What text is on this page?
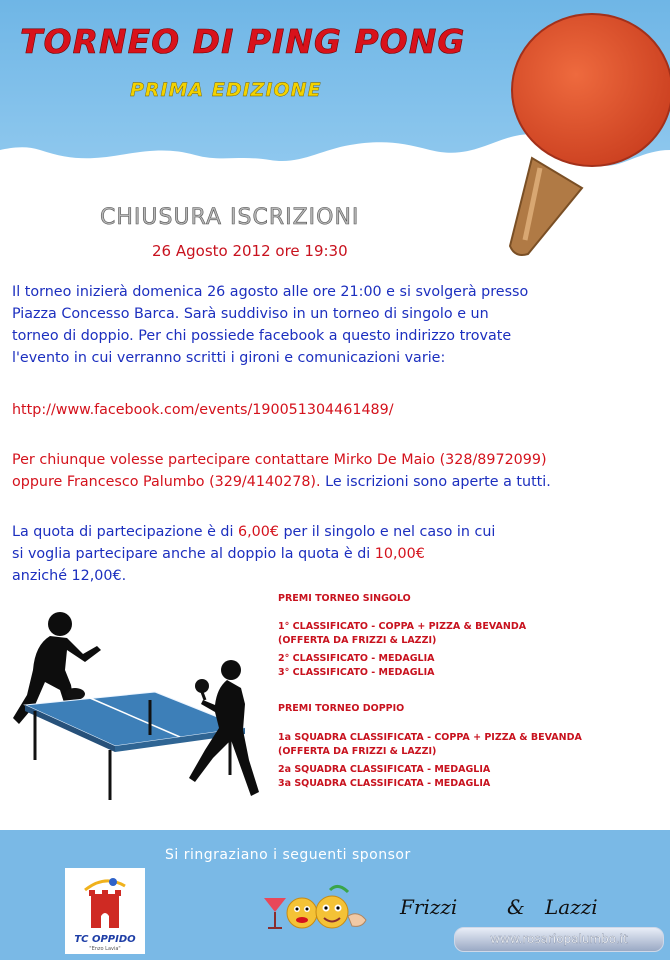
TORNEO DI PING PONG
PRIMA EDIZIONE
CHIUSURA ISCRIZIONI
26 Agosto 2012 ore 19:30
Il torneo inizierà domenica 26 agosto alle ore 21:00 e si svolgerà presso
Piazza Concesso Barca. Sarà suddiviso in un torneo di singolo e un
torneo di doppio. Per chi possiede facebook a questo indirizzo trovate
l'evento in cui verranno scritti i gironi e comunicazioni varie:
http://www.facebook.com/events/190051304461489/
Per chiunque volesse partecipare contattare Mirko De Maio (328/8972099)
oppure Francesco Palumbo (329/4140278). Le iscrizioni sono aperte a tutti.
La quota di partecipazione è di 6,00€ per il singolo e nel caso in cui
si voglia partecipare anche al doppio la quota è di 10,00€
anziché 12,00€.
PREMI TORNEO SINGOLO
1° CLASSIFICATO - COPPA + PIZZA & BEVANDA
(OFFERTA DA FRIZZI & LAZZI)
2° CLASSIFICATO - MEDAGLIA
3° CLASSIFICATO - MEDAGLIA
PREMI TORNEO DOPPIO
1a SQUADRA CLASSIFICATA - COPPA + PIZZA & BEVANDA
(OFFERTA DA FRIZZI & LAZZI)
2a SQUADRA CLASSIFICATA - MEDAGLIA
3a SQUADRA CLASSIFICATA - MEDAGLIA
Si ringraziano i seguenti sponsor
TC OPPIDO
"Enzo Lavia"
Frizzi	& Lazzi
www.rosariopalumbo.it
